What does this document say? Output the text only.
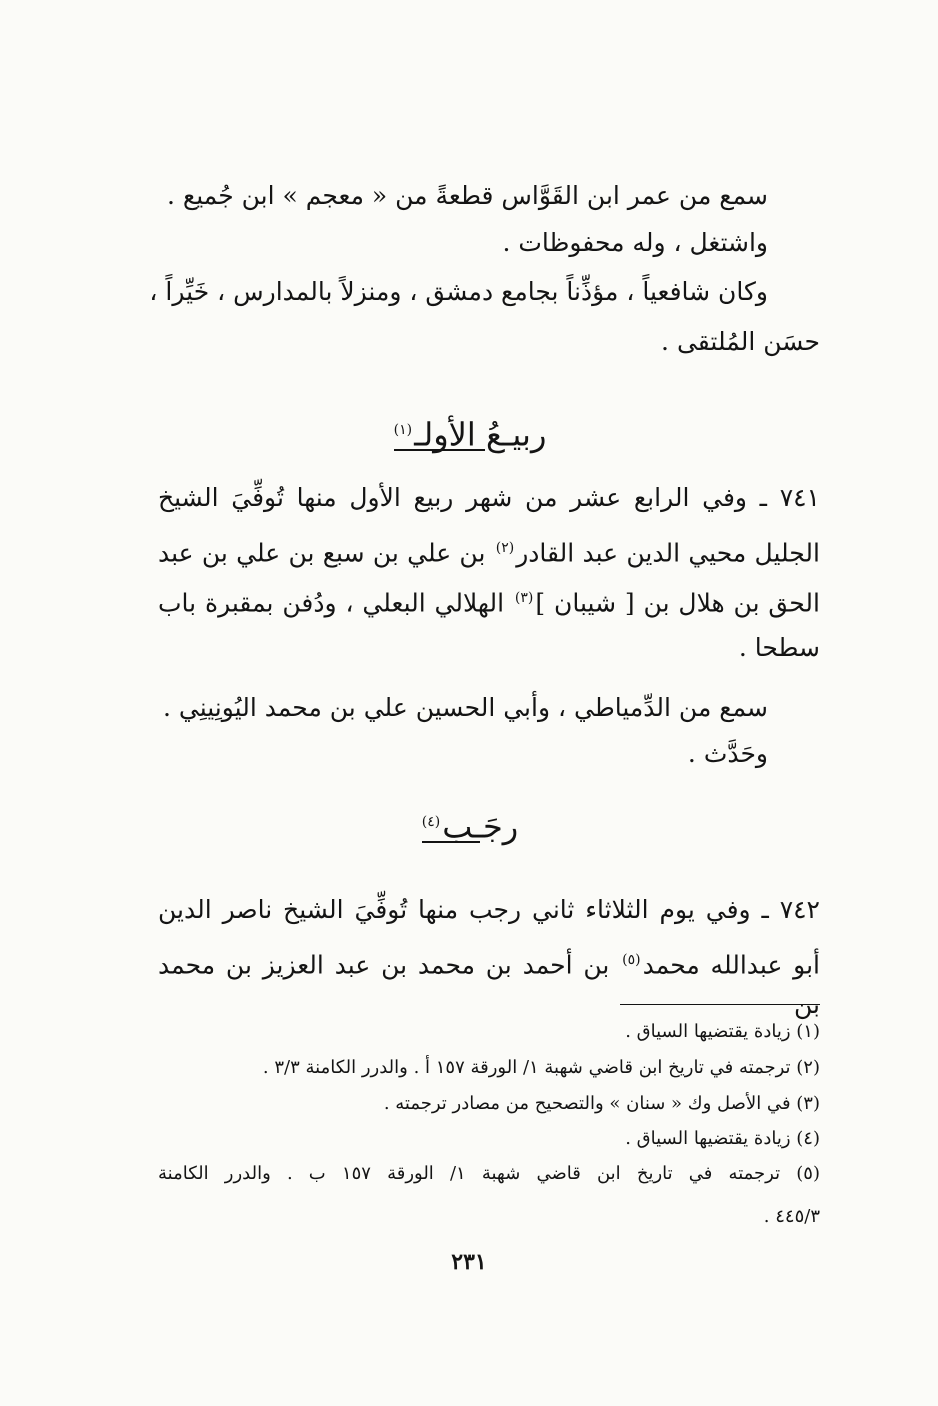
سمع من عمر ابن القَوَّاس قطعةً من « معجم » ابن جُميع .
واشتغل ، وله محفوظات .
وكان شافعياً ، مؤذِّناً بجامع دمشق ، ومنزلاً بالمدارس ، خَيِّراً ،
حسَن المُلتقى .
ربيـعُ الأولـ$^{(١)}$
٧٤١ ـ وفي الرابع عشر من شهر ربيع الأول منها تُوفِّيَ الشيخ
الجليل محيي الدين عبد القادر$^{(٢)}$ بن علي بن سبع بن علي بن عبد
الحق بن هلال بن [ شيبان ]$^{(٣)}$ الهلالي البعلي ، ودُفن بمقبرة باب
سطحا .
سمع من الدِّمياطي ، وأبي الحسين علي بن محمد اليُونِينِي .
وحَدَّث .
رجَـب$^{(٤)}$
٧٤٢ ـ وفي يوم الثلاثاء ثاني رجب منها تُوفِّيَ الشيخ ناصر الدين
أبو عبدالله محمد$^{(٥)}$ بن أحمد بن محمد بن عبد العزيز بن محمد بن
(١) زيادة يقتضيها السياق .
(٢) ترجمته في تاريخ ابن قاضي شهبة ١/ الورقة ١٥٧ أ . والدرر الكامنة ٣/٣ .
(٣) في الأصل وك « سنان » والتصحيح من مصادر ترجمته .
(٤) زيادة يقتضيها السياق .
(٥) ترجمته في تاريخ ابن قاضي شهبة ١/ الورقة ١٥٧ ب . والدرر الكامنة
٤٤٥/٣ .
٢٣١
